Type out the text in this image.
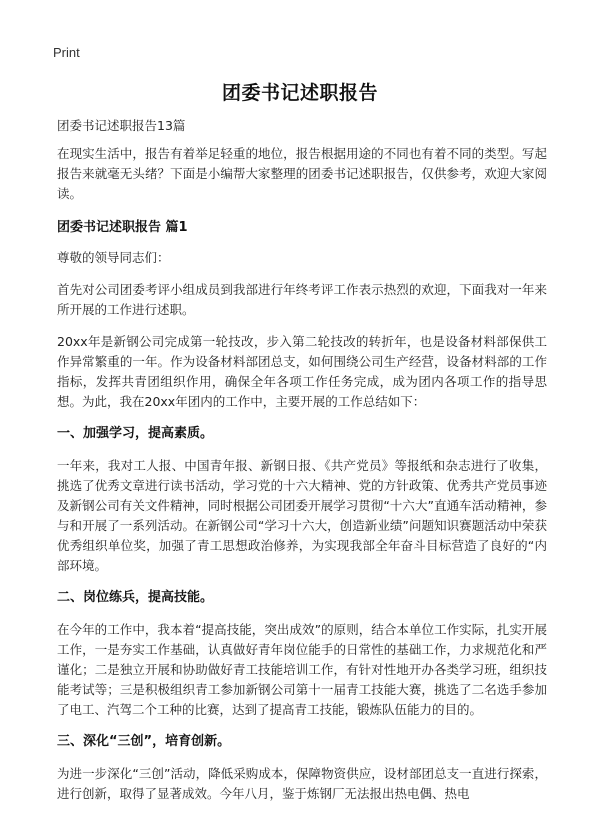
Print
团委书记述职报告
团委书记述职报告13篇

在现实生活中，报告有着举足轻重的地位，报告根据用途的不同也有着不同的类型。写起报告来就毫无头绪？下面是小编帮大家整理的团委书记述职报告，仅供参考，欢迎大家阅读。

团委书记述职报告 篇1

尊敬的领导同志们：

首先对公司团委考评小组成员到我部进行年终考评工作表示热烈的欢迎，下面我对一年来所开展的工作进行述职。

20xx年是新钢公司完成第一轮技改，步入第二轮技改的转折年，也是设备材料部保供工作异常繁重的一年。作为设备材料部团总支，如何围绕公司生产经营，设备材料部的工作指标，发挥共青团组织作用，确保全年各项工作任务完成，成为团内各项工作的指导思想。为此，我在20xx年团内的工作中，主要开展的工作总结如下：

一、加强学习，提高素质。

一年来，我对工人报、中国青年报、新钢日报、《共产党员》等报纸和杂志进行了收集，挑选了优秀文章进行读书活动，学习党的十六大精神、党的方针政策、优秀共产党员事迹及新钢公司有关文件精神，同时根据公司团委开展学习贯彻“十六大”直通车活动精神，参与和开展了一系列活动。在新钢公司“学习十六大，创造新业绩”问题知识赛题活动中荣获优秀组织单位奖，加强了青工思想政治修养，为实现我部全年奋斗目标营造了良好的“内部环境。

二、岗位练兵，提高技能。

在今年的工作中，我本着“提高技能，突出成效”的原则，结合本单位工作实际，扎实开展工作，一是夯实工作基础，认真做好青年岗位能手的日常性的基础工作，力求规范化和严谨化；二是独立开展和协助做好青工技能培训工作，有针对性地开办各类学习班，组织技能考试等；三是积极组织青工参加新钢公司第十一届青工技能大赛，挑选了二名选手参加了电工、汽驾二个工种的比赛，达到了提高青工技能，锻炼队伍能力的目的。

三、深化“三创”，培育创新。

为进一步深化“三创”活动，降低采购成本，保障物资供应，设材部团总支一直进行探索，进行创新，取得了显著成效。今年八月，鉴于炼钢厂无法报出热电偶、热电
